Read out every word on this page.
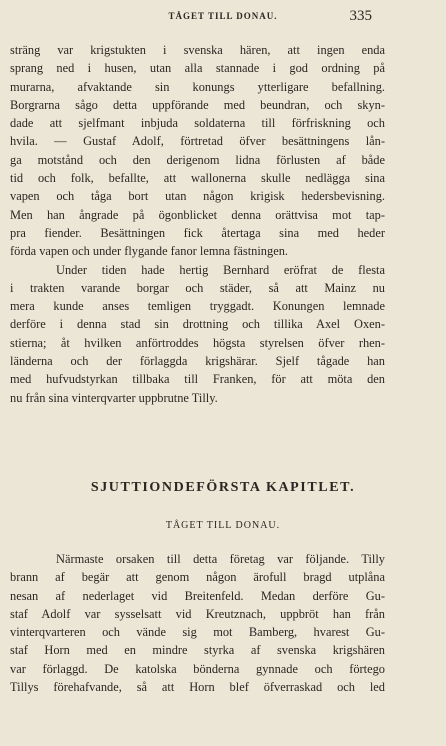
TÅGET TILL DONAU.	335
sträng var krigstukten i svenska hären, att ingen enda
sprang ned i husen, utan alla stannade i god ordning på
murarna, afvaktande sin konungs ytterligare befallning.
Borgrarna sågo detta uppförande med beundran, och skyn-
dade att sjelfmant inbjuda soldaterna till förfriskning och
hvila. — Gustaf Adolf, förtretad öfver besättningens lån-
ga motstånd och den derigenom lidna förlusten af både
tid och folk, befallte, att wallonerna skulle nedlägga sina
vapen och tåga bort utan någon krigisk hedersbevisning.
Men han ångrade på ögonblicket denna orättvisa mot tap-
pra fiender. Besättningen fick återtaga sina med heder
förda vapen och under flygande fanor lemna fästningen.
Under tiden hade hertig Bernhard eröfrat de flesta
i trakten varande borgar och städer, så att Mainz nu
mera kunde anses temligen tryggadt. Konungen lemnade
derföre i denna stad sin drottning och tillika Axel Oxen-
stierna; åt hvilken anförtroddes högsta styrelsen öfver rhen-
länderna och der förlaggda krigshärar. Sjelf tågade han
med hufvudstyrkan tillbaka till Franken, för att möta den
nu från sina vinterqvarter uppbrutne Tilly.
SJUTTIONDEFÖRSTA KAPITLET.
TÅGET TILL DONAU.
Närmaste orsaken till detta företag var följande. Tilly
brann af begär att genom någon ärofull bragd utplåna
nesan af nederlaget vid Breitenfeld. Medan derföre Gu-
staf Adolf var sysselsatt vid Kreutznach, uppbröt han från
vinterqvarteren och vände sig mot Bamberg, hvarest Gu-
staf Horn med en mindre styrka af svenska krigshären
var förlaggd. De katolska bönderna gynnade och förtego
Tillys förehafvande, så att Horn blef öfverraskad och led
